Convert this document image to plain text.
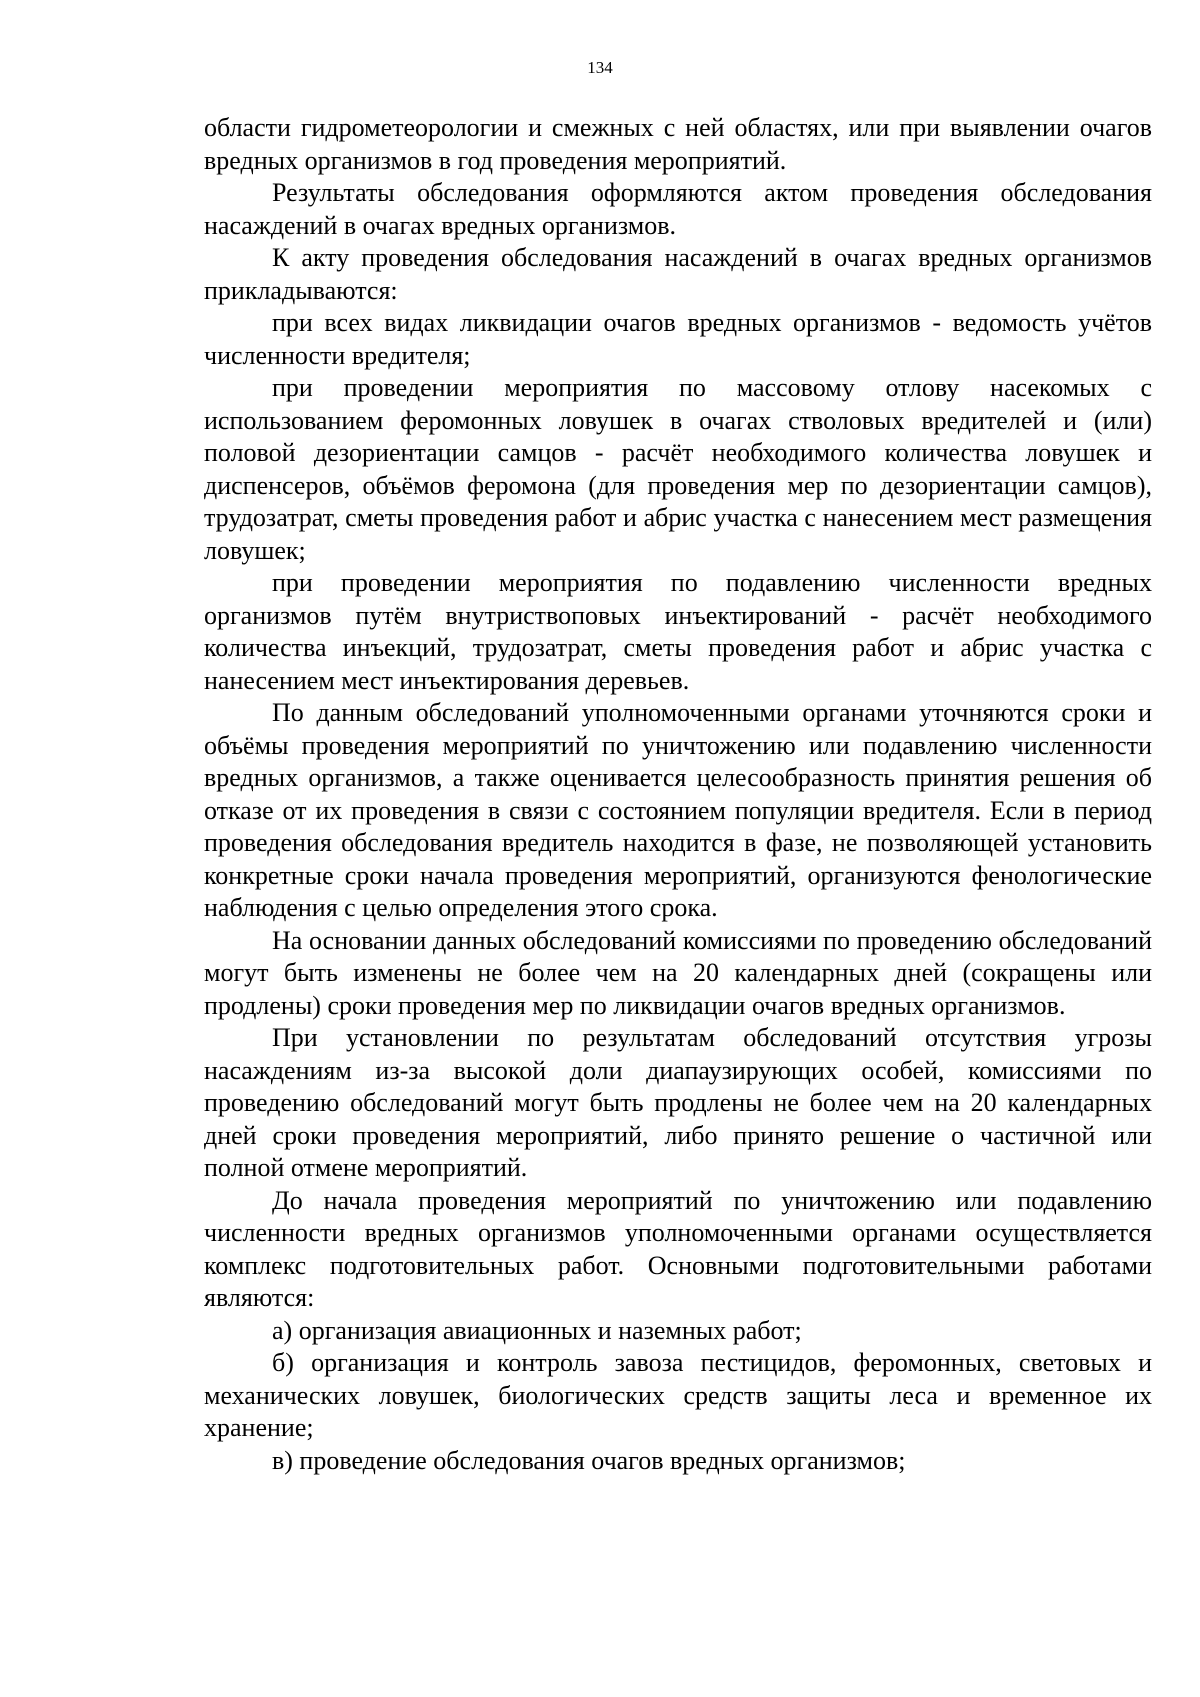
134

области гидрометеорологии и смежных с ней областях, или при выявлении очагов вредных организмов в год проведения мероприятий.

Результаты обследования оформляются актом проведения обследования насаждений в очагах вредных организмов.

К акту проведения обследования насаждений в очагах вредных организмов прикладываются:

при всех видах ликвидации очагов вредных организмов - ведомость учётов численности вредителя;

при проведении мероприятия по массовому отлову насекомых с использованием феромонных ловушек в очагах стволовых вредителей и (или) половой дезориентации самцов - расчёт необходимого количества ловушек и диспенсеров, объёмов феромона (для проведения мер по дезориентации самцов), трудозатрат, сметы проведения работ и абрис участка с нанесением мест размещения ловушек;

при проведении мероприятия по подавлению численности вредных организмов путём внутриствоповых инъектирований - расчёт необходимого количества инъекций, трудозатрат, сметы проведения работ и абрис участка с нанесением мест инъектирования деревьев.

По данным обследований уполномоченными органами уточняются сроки и объёмы проведения мероприятий по уничтожению или подавлению численности вредных организмов, а также оценивается целесообразность принятия решения об отказе от их проведения в связи с состоянием популяции вредителя. Если в период проведения обследования вредитель находится в фазе, не позволяющей установить конкретные сроки начала проведения мероприятий, организуются фенологические наблюдения с целью определения этого срока.

На основании данных обследований комиссиями по проведению обследований могут быть изменены не более чем на 20 календарных дней (сокращены или продлены) сроки проведения мер по ликвидации очагов вредных организмов.

При установлении по результатам обследований отсутствия угрозы насаждениям из-за высокой доли диапаузирующих особей, комиссиями по проведению обследований могут быть продлены не более чем на 20 календарных дней сроки проведения мероприятий, либо принято решение о частичной или полной отмене мероприятий.

До начала проведения мероприятий по уничтожению или подавлению численности вредных организмов уполномоченными органами осуществляется комплекс подготовительных работ. Основными подготовительными работами являются:

а) организация авиационных и наземных работ;

б) организация и контроль завоза пестицидов, феромонных, световых и механических ловушек, биологических средств защиты леса и временное их хранение;

в) проведение обследования очагов вредных организмов;
